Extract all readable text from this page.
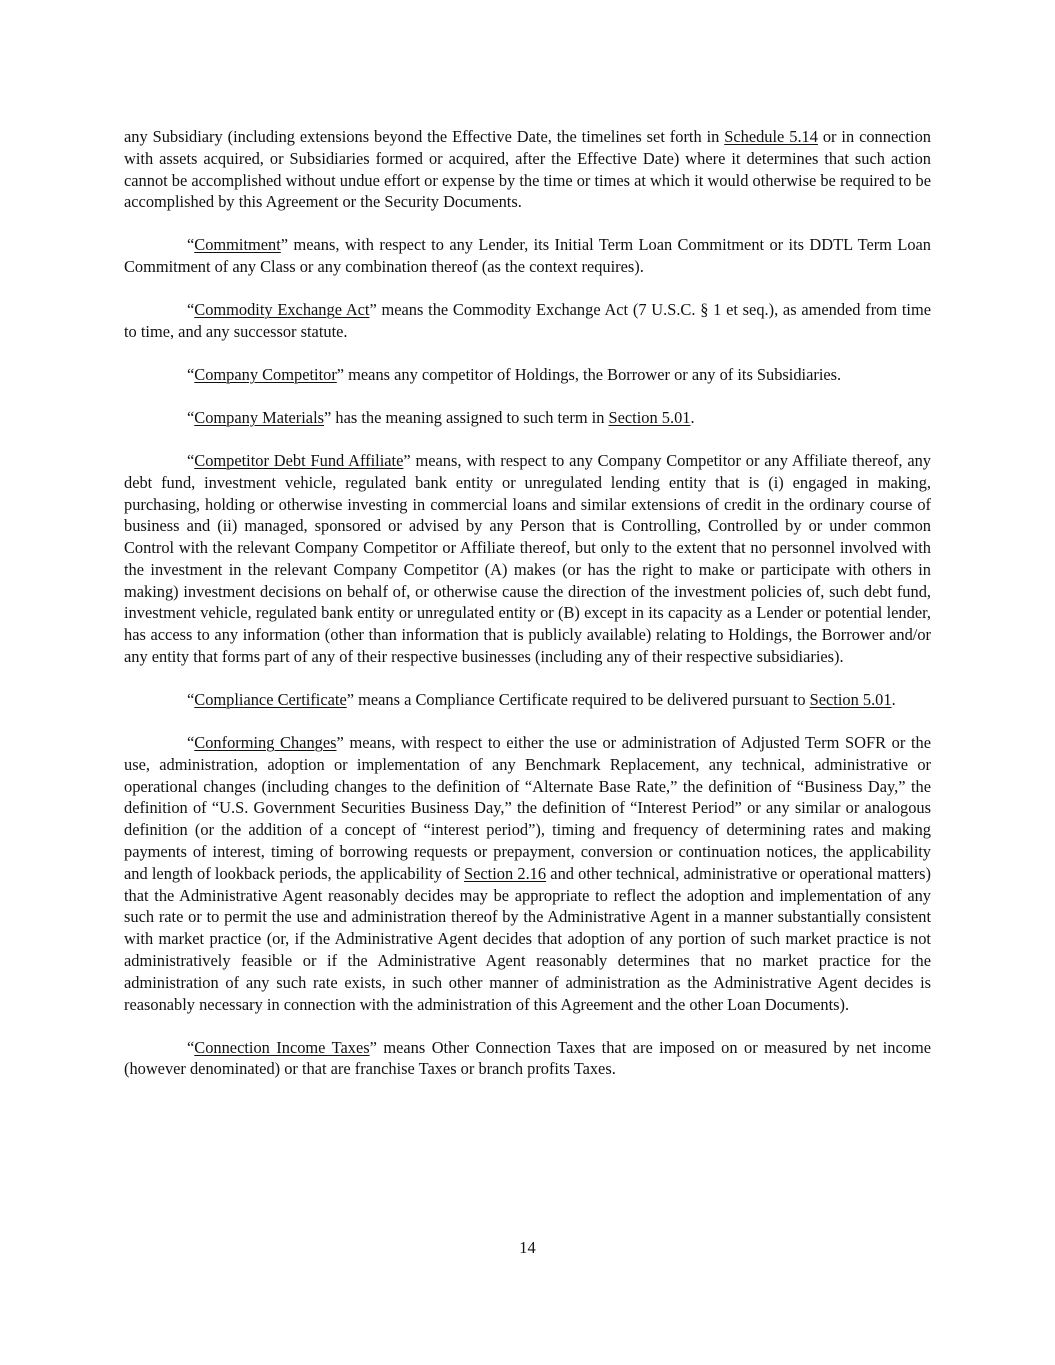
any Subsidiary (including extensions beyond the Effective Date, the timelines set forth in Schedule 5.14 or in connection with assets acquired, or Subsidiaries formed or acquired, after the Effective Date) where it determines that such action cannot be accomplished without undue effort or expense by the time or times at which it would otherwise be required to be accomplished by this Agreement or the Security Documents.

“Commitment” means, with respect to any Lender, its Initial Term Loan Commitment or its DDTL Term Loan Commitment of any Class or any combination thereof (as the context requires).

“Commodity Exchange Act” means the Commodity Exchange Act (7 U.S.C. § 1 et seq.), as amended from time to time, and any successor statute.

“Company Competitor” means any competitor of Holdings, the Borrower or any of its Subsidiaries.

“Company Materials” has the meaning assigned to such term in Section 5.01.

“Competitor Debt Fund Affiliate” means, with respect to any Company Competitor or any Affiliate thereof, any debt fund, investment vehicle, regulated bank entity or unregulated lending entity that is (i) engaged in making, purchasing, holding or otherwise investing in commercial loans and similar extensions of credit in the ordinary course of business and (ii) managed, sponsored or advised by any Person that is Controlling, Controlled by or under common Control with the relevant Company Competitor or Affiliate thereof, but only to the extent that no personnel involved with the investment in the relevant Company Competitor (A) makes (or has the right to make or participate with others in making) investment decisions on behalf of, or otherwise cause the direction of the investment policies of, such debt fund, investment vehicle, regulated bank entity or unregulated entity or (B) except in its capacity as a Lender or potential lender, has access to any information (other than information that is publicly available) relating to Holdings, the Borrower and/or any entity that forms part of any of their respective businesses (including any of their respective subsidiaries).

“Compliance Certificate” means a Compliance Certificate required to be delivered pursuant to Section 5.01.

“Conforming Changes” means, with respect to either the use or administration of Adjusted Term SOFR or the use, administration, adoption or implementation of any Benchmark Replacement, any technical, administrative or operational changes (including changes to the definition of “Alternate Base Rate,” the definition of “Business Day,” the definition of “U.S. Government Securities Business Day,” the definition of “Interest Period” or any similar or analogous definition (or the addition of a concept of “interest period”), timing and frequency of determining rates and making payments of interest, timing of borrowing requests or prepayment, conversion or continuation notices, the applicability and length of lookback periods, the applicability of Section 2.16 and other technical, administrative or operational matters) that the Administrative Agent reasonably decides may be appropriate to reflect the adoption and implementation of any such rate or to permit the use and administration thereof by the Administrative Agent in a manner substantially consistent with market practice (or, if the Administrative Agent decides that adoption of any portion of such market practice is not administratively feasible or if the Administrative Agent reasonably determines that no market practice for the administration of any such rate exists, in such other manner of administration as the Administrative Agent decides is reasonably necessary in connection with the administration of this Agreement and the other Loan Documents).

“Connection Income Taxes” means Other Connection Taxes that are imposed on or measured by net income (however denominated) or that are franchise Taxes or branch profits Taxes.

14
